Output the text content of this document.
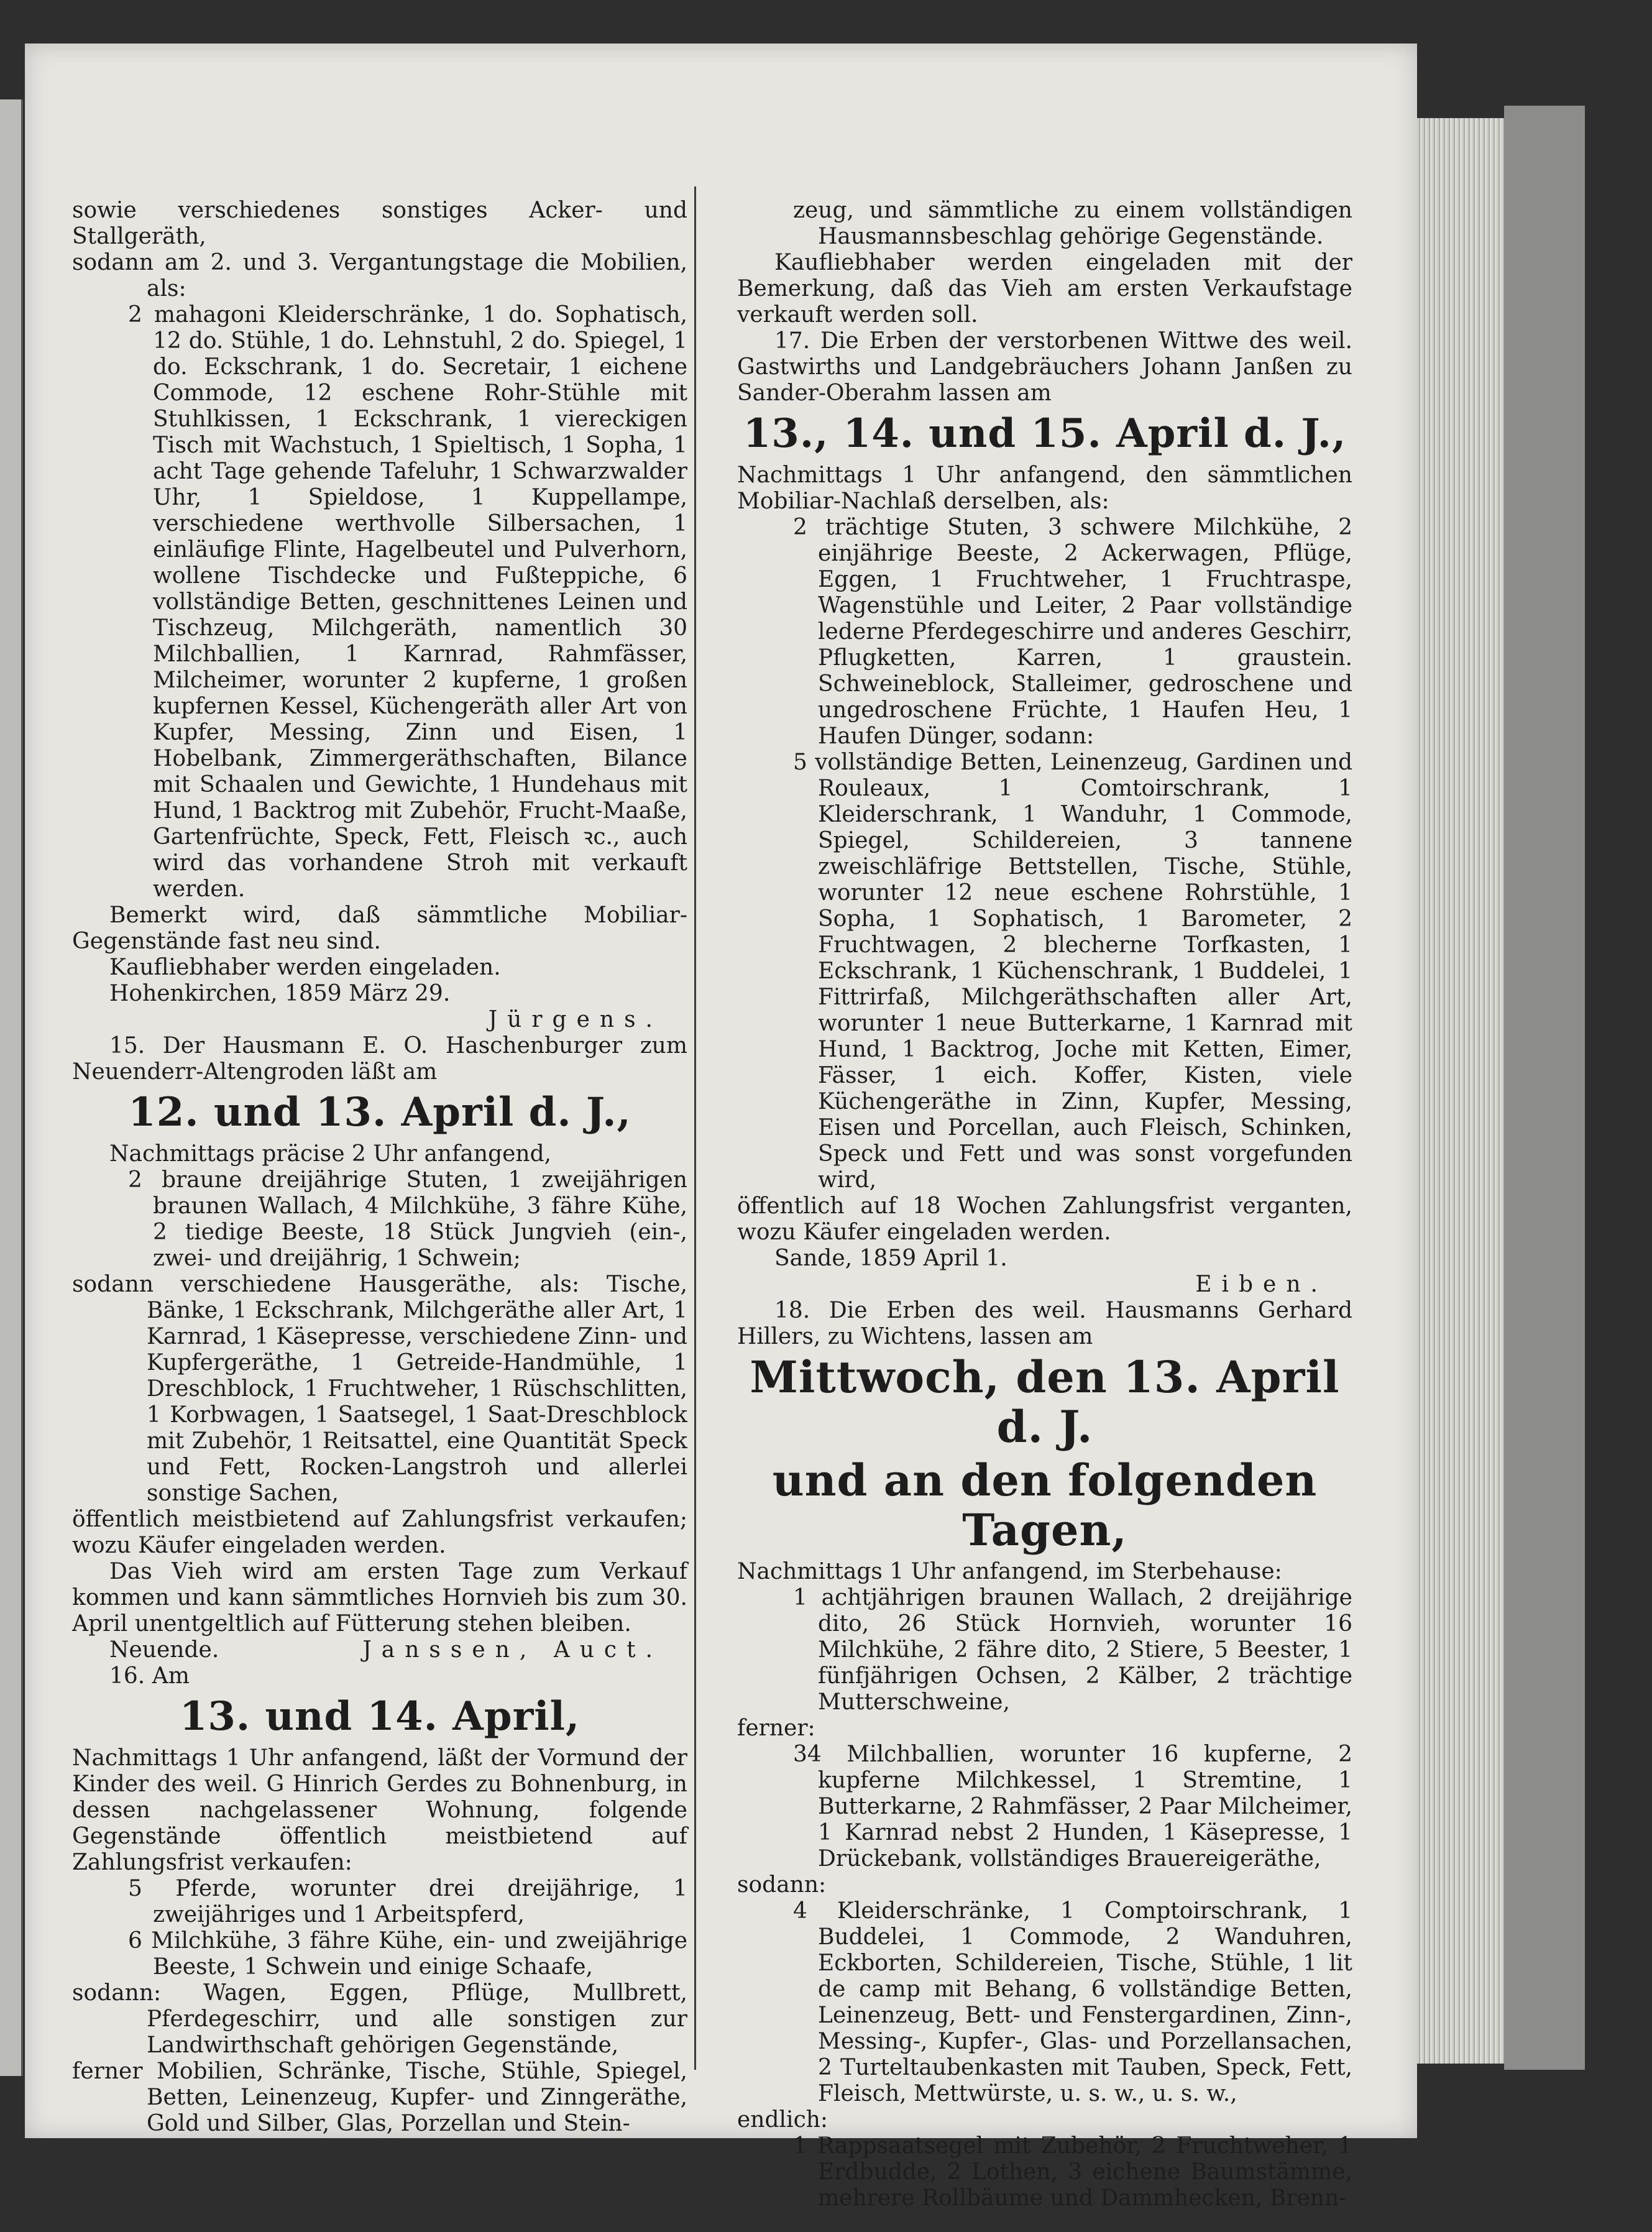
sowie verschiedenes sonstiges Acker- und Stallgeräth,

sodann am 2. und 3. Vergantungstage die Mobilien, als:

2 mahagoni Kleiderschränke, 1 do. Sophatisch, 12 do. Stühle, 1 do. Lehnstuhl, 2 do. Spiegel, 1 do. Eckschrank, 1 do. Secretair, 1 eichene Commode, 12 eschene Rohr-Stühle mit Stuhlkissen, 1 Eckschrank, 1 viereckigen Tisch mit Wachstuch, 1 Spieltisch, 1 Sopha, 1 acht Tage gehende Tafeluhr, 1 Schwarzwalder Uhr, 1 Spieldose, 1 Kuppellampe, verschiedene werthvolle Silbersachen, 1 einläufige Flinte, Hagelbeutel und Pulverhorn, wollene Tischdecke und Fußteppiche, 6 vollständige Betten, geschnittenes Leinen und Tischzeug, Milchgeräth, namentlich 30 Milchballien, 1 Karnrad, Rahmfässer, Milcheimer, worunter 2 kupferne, 1 großen kupfernen Kessel, Küchengeräth aller Art von Kupfer, Messing, Zinn und Eisen, 1 Hobelbank, Zimmergeräthschaften, Bilance mit Schaalen und Gewichte, 1 Hundehaus mit Hund, 1 Backtrog mit Zubehör, Frucht-Maaße, Gartenfrüchte, Speck, Fett, Fleisch ꝛc., auch wird das vorhandene Stroh mit verkauft werden.

Bemerkt wird, daß sämmtliche Mobiliar-Gegenstände fast neu sind.

Kaufliebhaber werden eingeladen.

Hohenkirchen, 1859 März 29.

Jürgens.

15. Der Hausmann E. O. Haschenburger zum Neuenderr-Altengroden läßt am

12. und 13. April d. J.,

Nachmittags präcise 2 Uhr anfangend,

2 braune dreijährige Stuten, 1 zweijährigen braunen Wallach, 4 Milchkühe, 3 fähre Kühe, 2 tiedige Beeste, 18 Stück Jungvieh (ein-, zwei- und dreijährig, 1 Schwein;

sodann verschiedene Hausgeräthe, als: Tische, Bänke, 1 Eckschrank, Milchgeräthe aller Art, 1 Karnrad, 1 Käsepresse, verschiedene Zinn- und Kupfergeräthe, 1 Getreide-Handmühle, 1 Dreschblock, 1 Fruchtweher, 1 Rüschschlitten, 1 Korbwagen, 1 Saatsegel, 1 Saat-Dreschblock mit Zubehör, 1 Reitsattel, eine Quantität Speck und Fett, Rocken-Langstroh und allerlei sonstige Sachen,

öffentlich meistbietend auf Zahlungsfrist verkaufen; wozu Käufer eingeladen werden.

Das Vieh wird am ersten Tage zum Verkauf kommen und kann sämmtliches Hornvieh bis zum 30. April unentgeltlich auf Fütterung stehen bleiben.

Neuende.	Janssen, Auct.

16. Am

13. und 14. April,

Nachmittags 1 Uhr anfangend, läßt der Vormund der Kinder des weil. G Hinrich Gerdes zu Bohnenburg, in dessen nachgelassener Wohnung, folgende Gegenstände öffentlich meistbietend auf Zahlungsfrist verkaufen:

5 Pferde, worunter drei dreijährige, 1 zweijähriges und 1 Arbeitspferd,

6 Milchkühe, 3 fähre Kühe, ein- und zweijährige Beeste, 1 Schwein und einige Schaafe,

sodann: Wagen, Eggen, Pflüge, Mullbrett, Pferdegeschirr, und alle sonstigen zur Landwirthschaft gehörigen Gegenstände,

ferner Mobilien, Schränke, Tische, Stühle, Spiegel, Betten, Leinenzeug, Kupfer- und Zinngeräthe, Gold und Silber, Glas, Porzellan und Stein-

zeug, und sämmtliche zu einem vollständigen Hausmannsbeschlag gehörige Gegenstände.

Kaufliebhaber werden eingeladen mit der Bemerkung, daß das Vieh am ersten Verkaufstage verkauft werden soll.

17. Die Erben der verstorbenen Wittwe des weil. Gastwirths und Landgebräuchers Johann Janßen zu Sander-Oberahm lassen am

13., 14. und 15. April d. J.,

Nachmittags 1 Uhr anfangend, den sämmtlichen Mobiliar-Nachlaß derselben, als:

2 trächtige Stuten, 3 schwere Milchkühe, 2 einjährige Beeste, 2 Ackerwagen, Pflüge, Eggen, 1 Fruchtweher, 1 Fruchtraspe, Wagenstühle und Leiter, 2 Paar vollständige lederne Pferdegeschirre und anderes Geschirr, Pflugketten, Karren, 1 graustein. Schweineblock, Stalleimer, gedroschene und ungedroschene Früchte, 1 Haufen Heu, 1 Haufen Dünger, sodann:

5 vollständige Betten, Leinenzeug, Gardinen und Rouleaux, 1 Comtoirschrank, 1 Kleiderschrank, 1 Wanduhr, 1 Commode, Spiegel, Schildereien, 3 tannene zweischläfrige Bettstellen, Tische, Stühle, worunter 12 neue eschene Rohrstühle, 1 Sopha, 1 Sophatisch, 1 Barometer, 2 Fruchtwagen, 2 blecherne Torfkasten, 1 Eckschrank, 1 Küchenschrank, 1 Buddelei, 1 Fittrirfaß, Milchgeräthschaften aller Art, worunter 1 neue Butterkarne, 1 Karnrad mit Hund, 1 Backtrog, Joche mit Ketten, Eimer, Fässer, 1 eich. Koffer, Kisten, viele Küchengeräthe in Zinn, Kupfer, Messing, Eisen und Porcellan, auch Fleisch, Schinken, Speck und Fett und was sonst vorgefunden wird,

öffentlich auf 18 Wochen Zahlungsfrist verganten, wozu Käufer eingeladen werden.

Sande, 1859 April 1.

Eiben.

18. Die Erben des weil. Hausmanns Gerhard Hillers, zu Wichtens, lassen am

Mittwoch, den 13. April d. J.

und an den folgenden Tagen,

Nachmittags 1 Uhr anfangend, im Sterbehause:

1 achtjährigen braunen Wallach, 2 dreijährige dito, 26 Stück Hornvieh, worunter 16 Milchkühe, 2 fähre dito, 2 Stiere, 5 Beester, 1 fünfjährigen Ochsen, 2 Kälber, 2 trächtige Mutterschweine,

ferner:

34 Milchballien, worunter 16 kupferne, 2 kupferne Milchkessel, 1 Stremtine, 1 Butterkarne, 2 Rahmfässer, 2 Paar Milcheimer, 1 Karnrad nebst 2 Hunden, 1 Käsepresse, 1 Drückebank, vollständiges Brauereigeräthe,

sodann:

4 Kleiderschränke, 1 Comptoirschrank, 1 Buddelei, 1 Commode, 2 Wanduhren, Eckborten, Schildereien, Tische, Stühle, 1 lit de camp mit Behang, 6 vollständige Betten, Leinenzeug, Bett- und Fenstergardinen, Zinn-, Messing-, Kupfer-, Glas- und Porzellansachen, 2 Turteltaubenkasten mit Tauben, Speck, Fett, Fleisch, Mettwürste, u. s. w., u. s. w.,

endlich:

1 Rappsaatsegel mit Zubehör, 2 Fruchtweher, 1 Erdbudde, 2 Lothen, 3 eichene Baumstämme, mehrere Rollbäume und Dammhecken, Brenn-
